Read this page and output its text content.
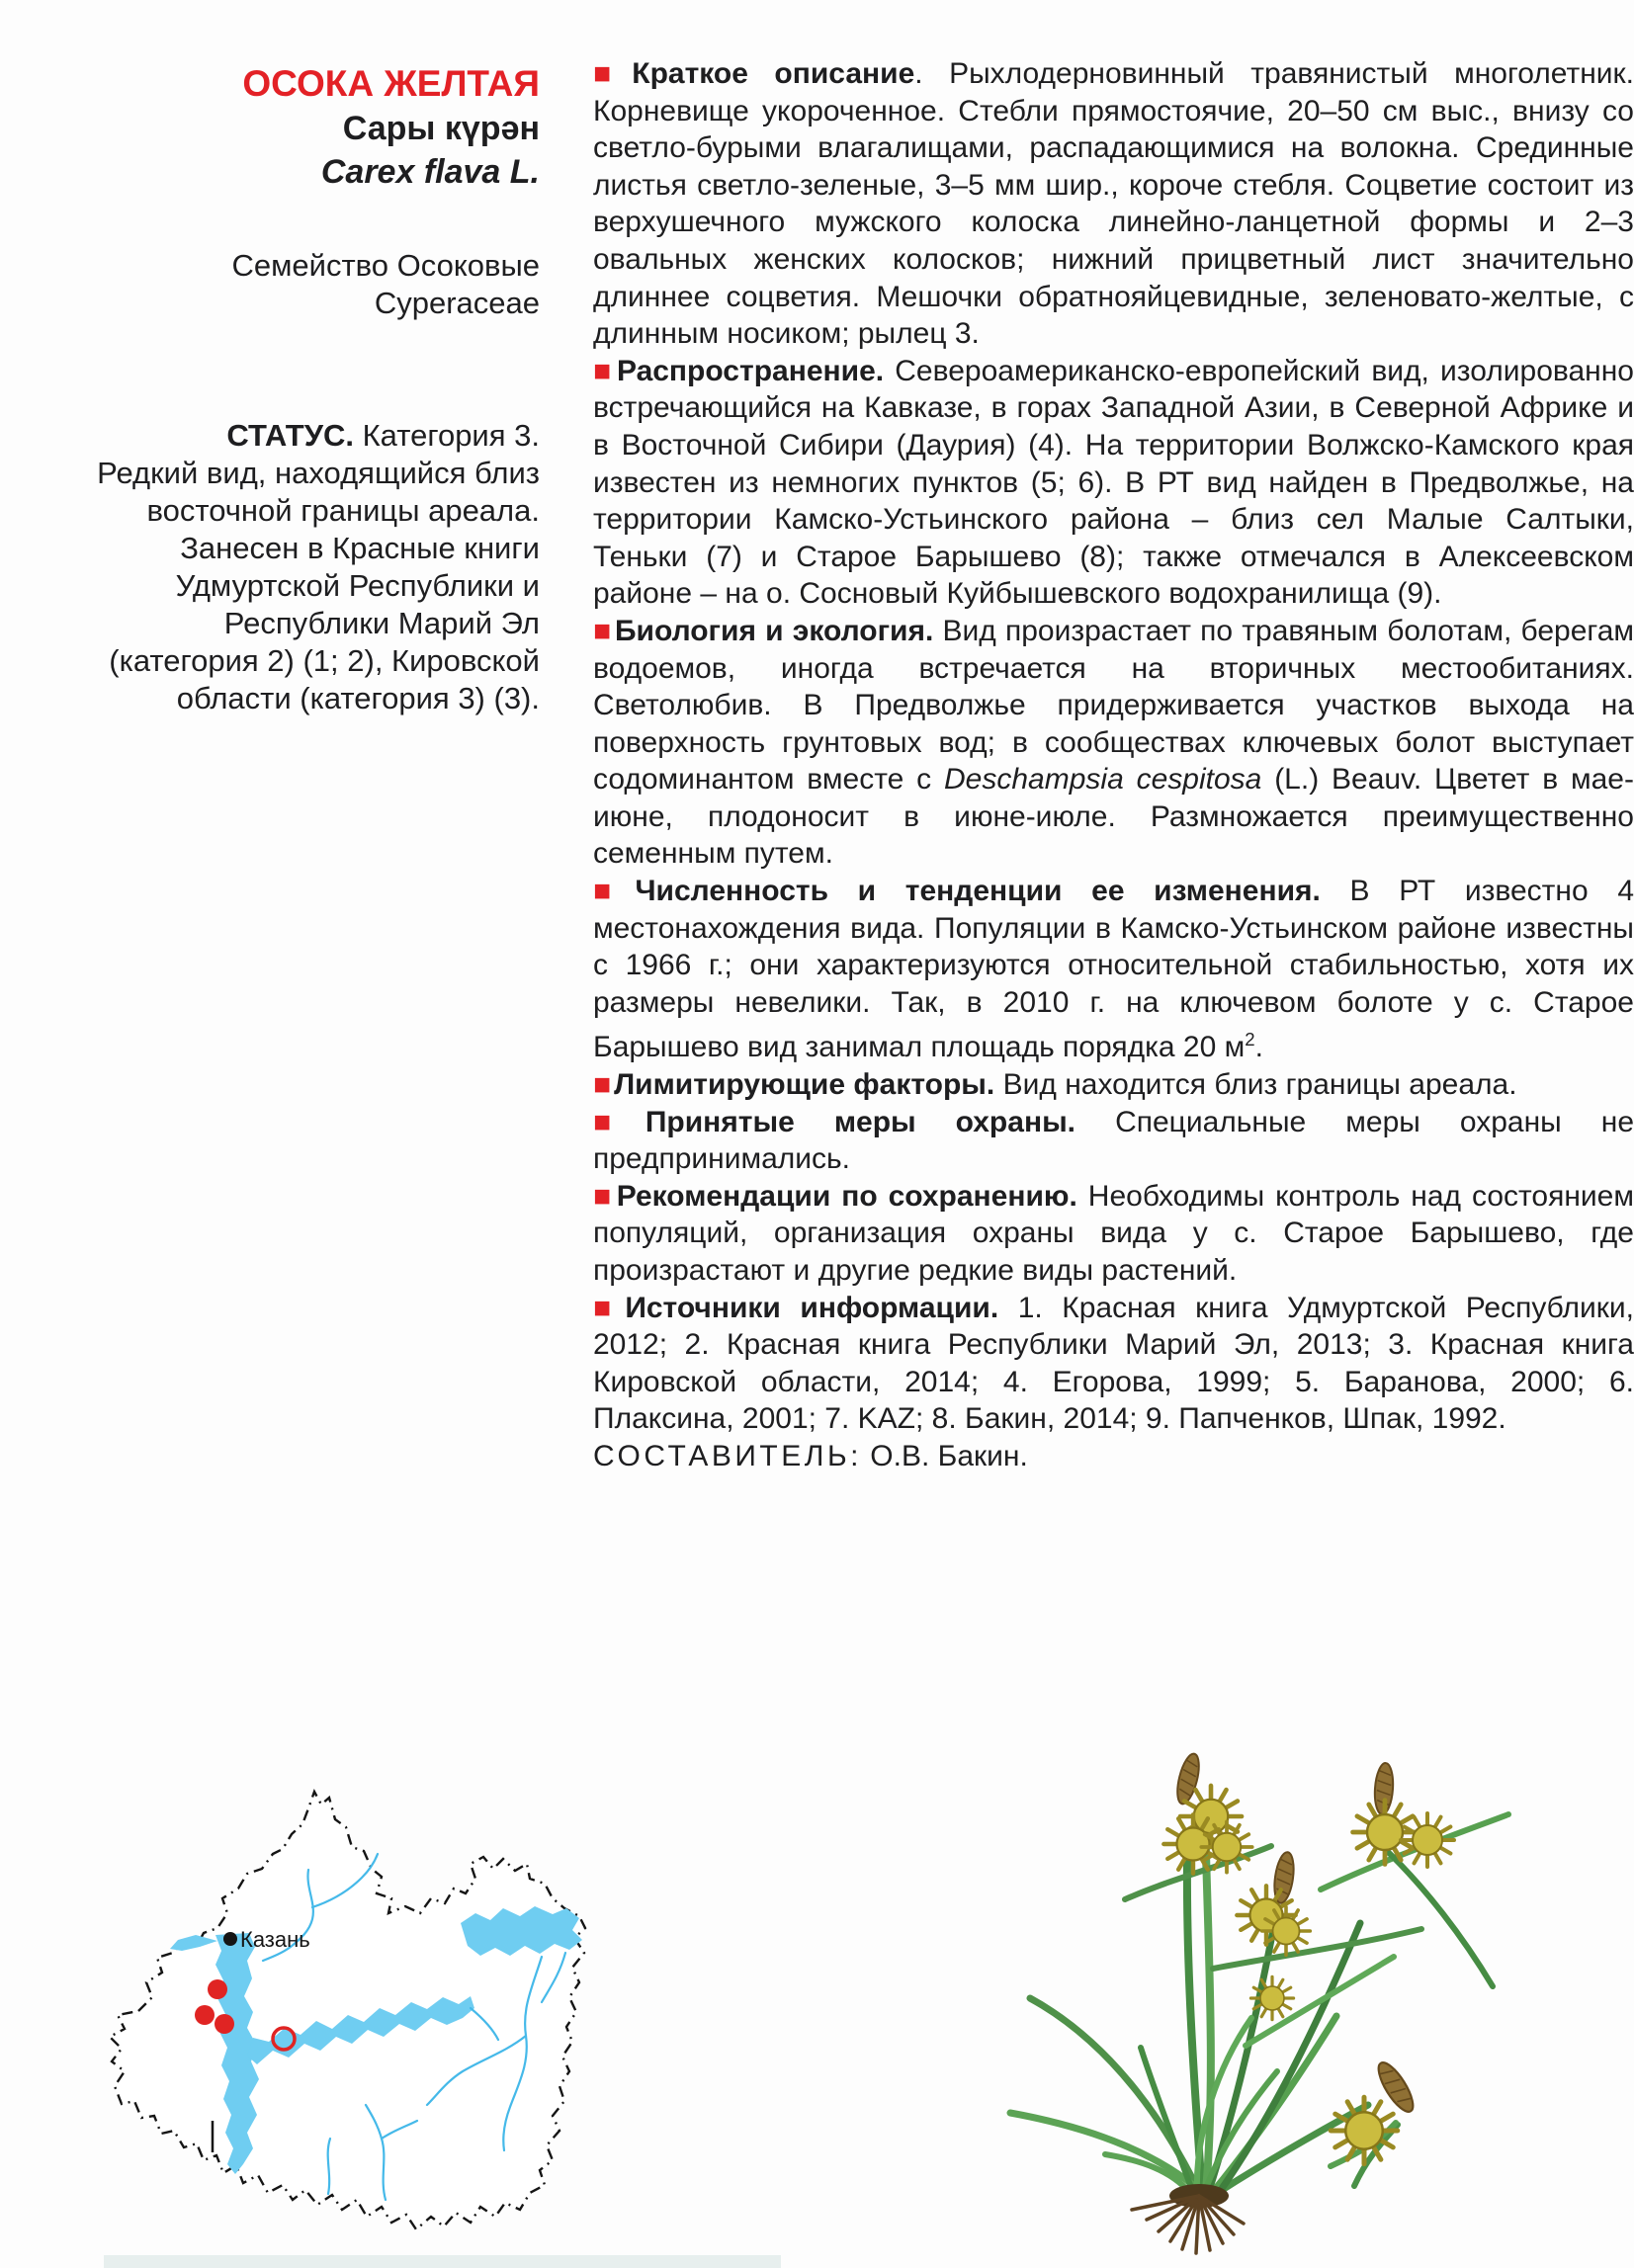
ОСОКА ЖЕЛТАЯ
Сары күрән
Carex flava L.
Семейство Осоковые
Cyperaceae
СТАТУС. Категория 3.
Редкий вид, находящийся близ
восточной границы ареала.
Занесен в Красные книги
Удмуртской Республики и
Республики Марий Эл
(категория 2) (1; 2), Кировской
области (категория 3) (3).

■ Краткое описание. Рыхлодерновинный травянистый многолетник. Корневище укороченное. Стебли прямостоячие, 20–50 см выс., внизу со светло-бурыми влагалищами, распадающимися на волокна. Срединные листья светло-зеленые, 3–5 мм шир., короче стебля. Соцветие состоит из верхушечного мужского колоска линейно-ланцетной формы и 2–3 овальных женских колосков; нижний прицветный лист значительно длиннее соцветия. Мешочки обратнояйцевидные, зеленовато-желтые, с длинным носиком; рылец 3.

■ Распространение. Североамериканско-европейский вид, изолированно встречающийся на Кавказе, в горах Западной Азии, в Северной Африке и в Восточной Сибири (Даурия) (4). На территории Волжско-Камского края известен из немногих пунктов (5; 6). В РТ вид найден в Предволжье, на территории Камско-Устьинского района – близ сел Малые Салтыки, Теньки (7) и Старое Барышево (8); также отмечался в Алексеевском районе – на о. Сосновый Куйбышевского водохранилища (9).

■ Биология и экология. Вид произрастает по травяным болотам, берегам водоемов, иногда встречается на вторичных местообитаниях. Светолюбив. В Предволжье придерживается участков выхода на поверхность грунтовых вод; в сообществах ключевых болот выступает содоминантом вместе с Deschampsia cespitosa (L.) Beauv. Цветет в мае-июне, плодоносит в июне-июле. Размножается преимущественно семенным путем.

■ Численность и тенденции ее изменения. В РТ известно 4 местонахождения вида. Популяции в Камско-Устьинском районе известны с 1966 г.; они характеризуются относительной стабильностью, хотя их размеры невелики. Так, в 2010 г. на ключевом болоте у с. Старое Барышево вид занимал площадь порядка 20 $м^2$.

■ Лимитирующие факторы. Вид находится близ границы ареала.

■ Принятые меры охраны. Специальные меры охраны не предпринимались.

■ Рекомендации по сохранению. Необходимы контроль над состоянием популяций, организация охраны вида у с. Старое Барышево, где произрастают и другие редкие виды растений.

■ Источники информации. 1. Красная книга Удмуртской Республики, 2012; 2. Красная книга Республики Марий Эл, 2013; 3. Красная книга Кировской области, 2014; 4. Егорова, 1999; 5. Баранова, 2000; 6. Плаксина, 2001; 7. KAZ; 8. Бакин, 2014; 9. Папченков, Шпак, 1992.

СОСТАВИТЕЛЬ: О.В. Бакин.

Казань
